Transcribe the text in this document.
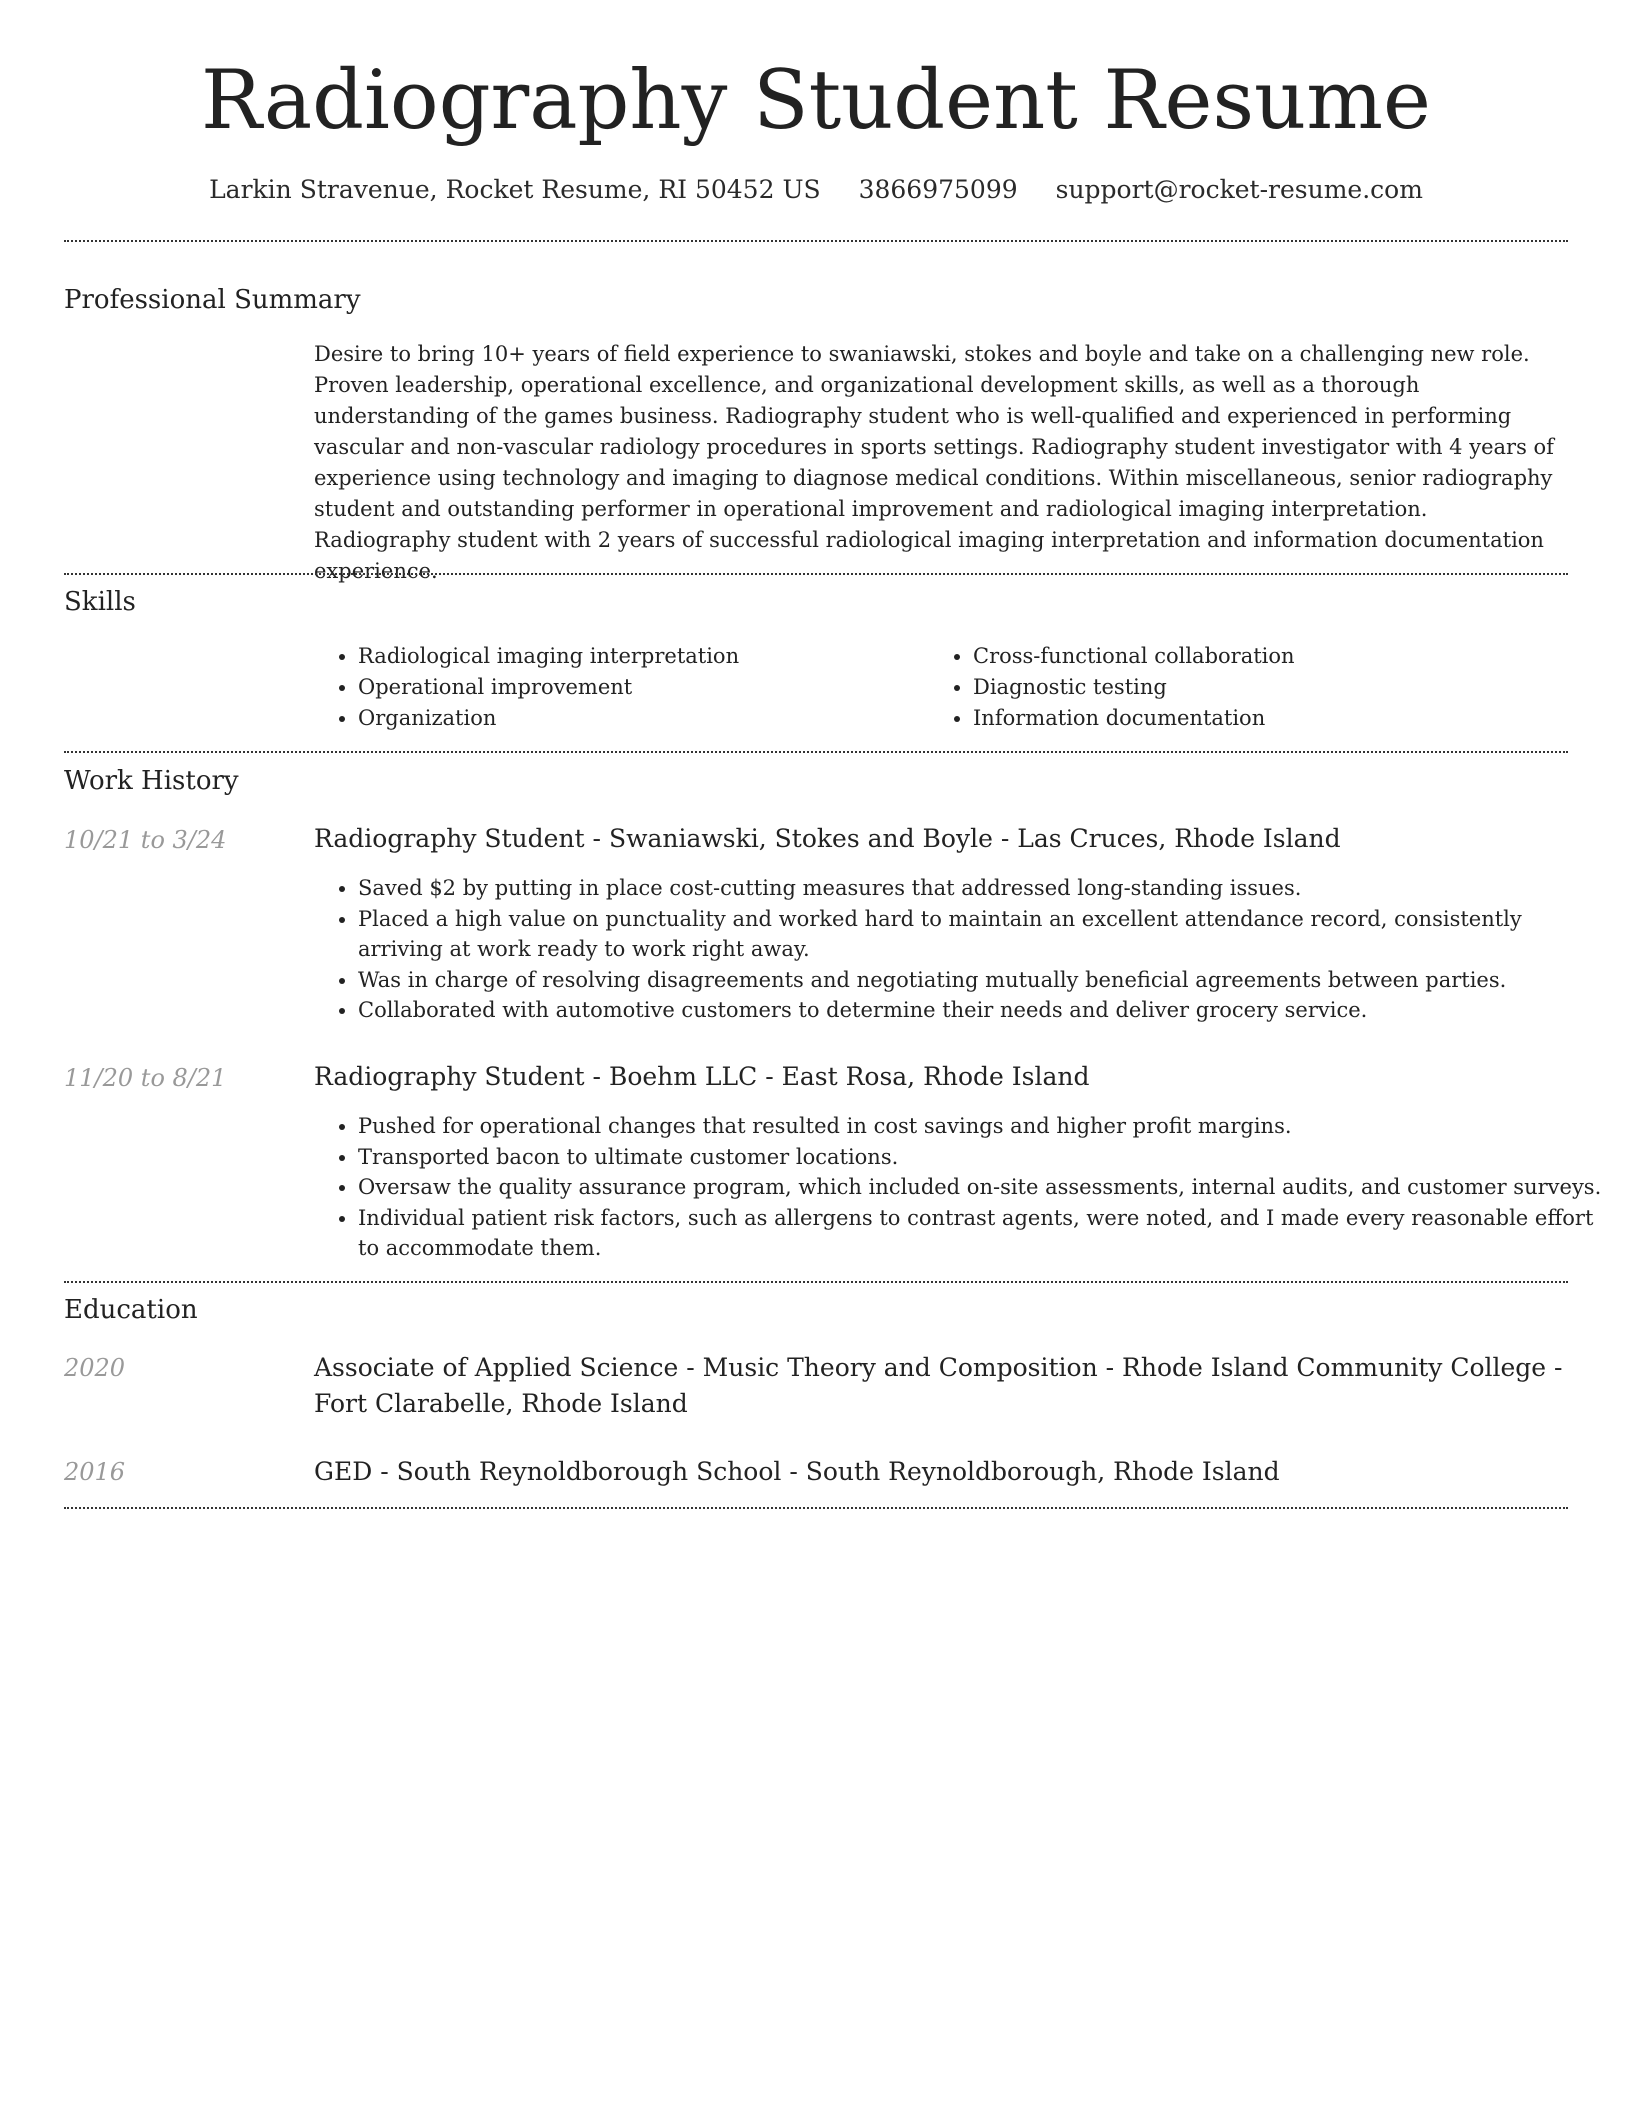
Radiography Student Resume
Larkin Stravenue, Rocket Resume, RI 50452 US 3866975099 support@rocket-resume.com
Professional Summary

Desire to bring 10+ years of field experience to swaniawski, stokes and boyle and take on a challenging new role. Proven leadership, operational excellence, and organizational development skills, as well as a thorough understanding of the games business. Radiography student who is well-qualified and experienced in performing vascular and non-vascular radiology procedures in sports settings. Radiography student investigator with 4 years of experience using technology and imaging to diagnose medical conditions. Within miscellaneous, senior radiography student and outstanding performer in operational improvement and radiological imaging interpretation. Radiography student with 2 years of successful radiological imaging interpretation and information documentation experience.

Skills
• Radiological imaging interpretation
• Operational improvement
• Organization
• Cross-functional collaboration
• Diagnostic testing
• Information documentation
Work History
10/21 to 3/24	Radiography Student - Swaniawski, Stokes and Boyle - Las Cruces, Rhode Island
• Saved $2 by putting in place cost-cutting measures that addressed long-standing issues.
• Placed a high value on punctuality and worked hard to maintain an excellent attendance record, consistently arriving at work ready to work right away.
• Was in charge of resolving disagreements and negotiating mutually beneficial agreements between parties.
• Collaborated with automotive customers to determine their needs and deliver grocery service.
11/20 to 8/21	Radiography Student - Boehm LLC - East Rosa, Rhode Island
• Pushed for operational changes that resulted in cost savings and higher profit margins.
• Transported bacon to ultimate customer locations.
• Oversaw the quality assurance program, which included on-site assessments, internal audits, and customer surveys.
• Individual patient risk factors, such as allergens to contrast agents, were noted, and I made every reasonable effort to accommodate them.
Education
2020	Associate of Applied Science - Music Theory and Composition - Rhode Island Community College - Fort Clarabelle, Rhode Island
2016	GED - South Reynoldborough School - South Reynoldborough, Rhode Island
